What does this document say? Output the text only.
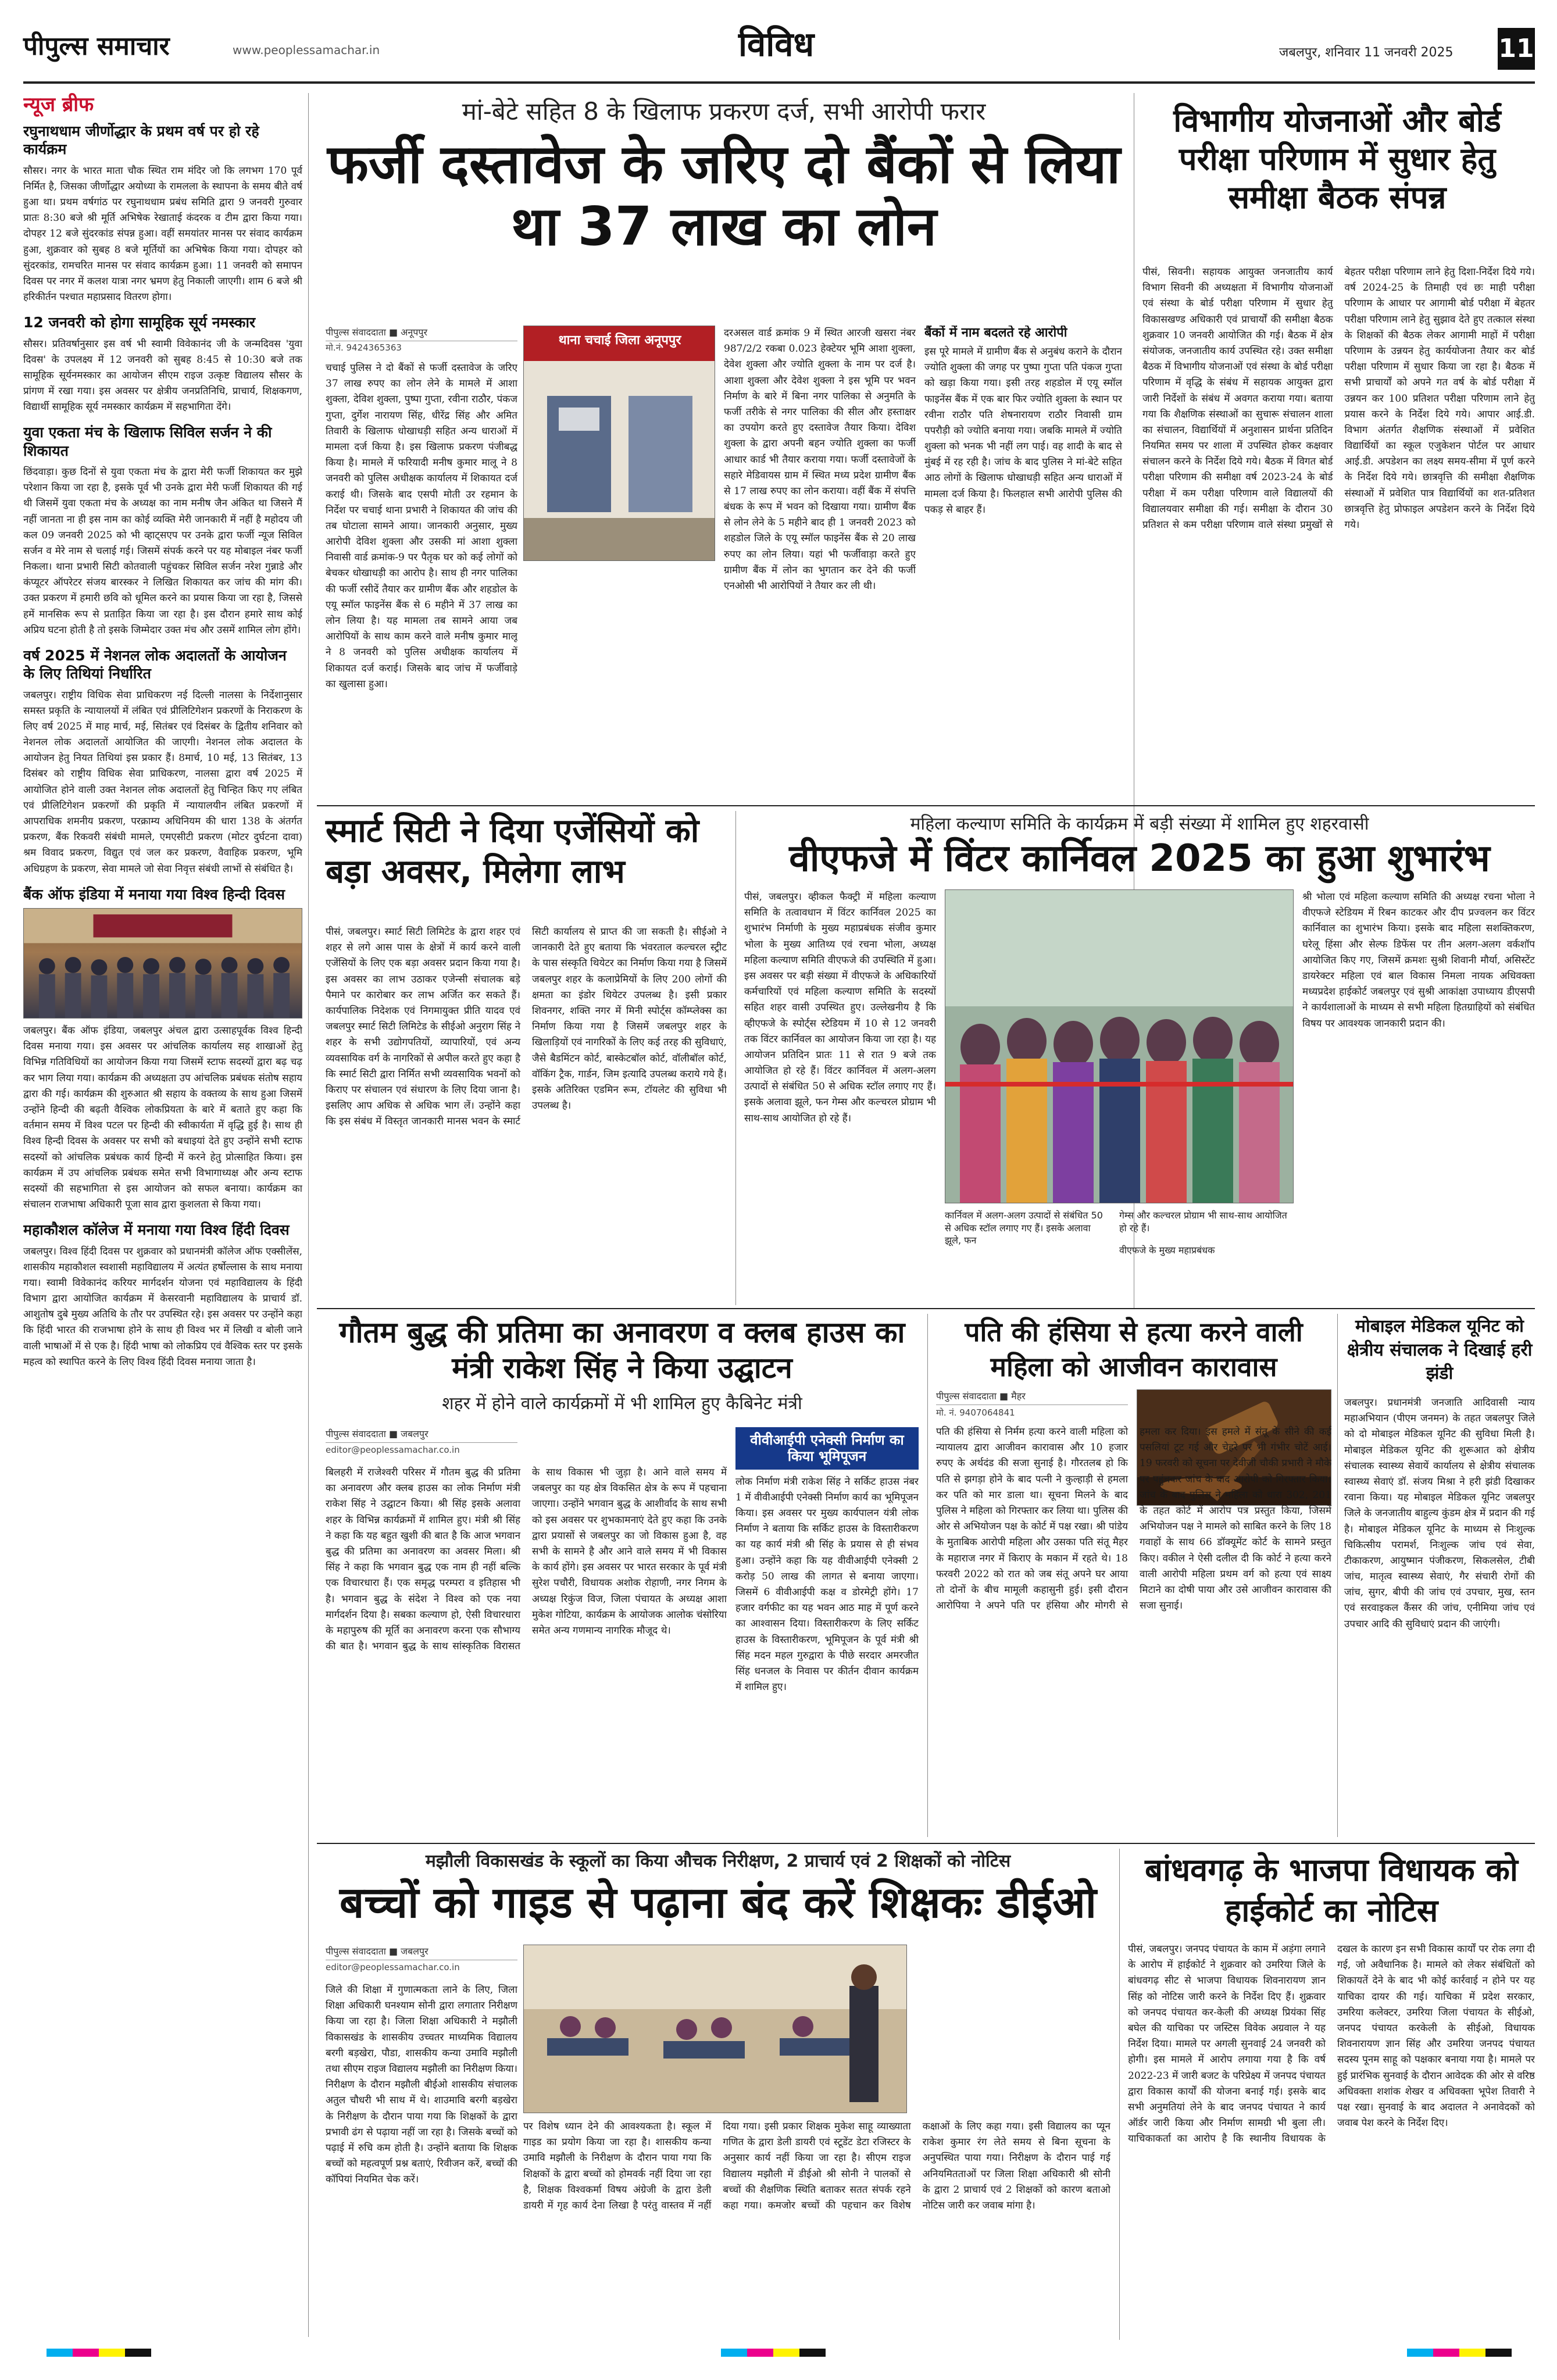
पीपुल्स समाचार	www.peoplessamachar.in	विविध	जबलपुर, शनिवार 11 जनवरी 2025 11
न्यूज ब्रीफ
रघुनाथधाम जीर्णोद्धार के प्रथम वर्ष पर हो रहे कार्यक्रम
सौसर। नगर के भारत माता चौक स्थित राम मंदिर जो कि लगभग 170 पूर्व निर्मित है, जिसका जीर्णोद्धार अयोध्या के रामलला के स्थापना के समय बीते वर्ष हुआ था। प्रथम वर्षगांठ पर रघुनाथधाम प्रबंध समिति द्वारा 9 जनवरी गुरुवार प्रातः 8:30 बजे श्री मूर्ति अभिषेक रेखाताई कंदरक व टीम द्वारा किया गया। दोपहर 12 बजे सुंदरकांड संपन्न हुआ। वहीं समयांतर मानस पर संवाद कार्यक्रम हुआ, शुक्रवार को सुबह 8 बजे मूर्तियों का अभिषेक किया गया। दोपहर को सुंदरकांड, रामचरित मानस पर संवाद कार्यक्रम हुआ। 11 जनवरी को समापन दिवस पर नगर में कलश यात्रा नगर भ्रमण हेतु निकाली जाएगी। शाम 6 बजे श्री हरिकीर्तन पश्चात महाप्रसाद वितरण होगा।
12 जनवरी को होगा सामूहिक सूर्य नमस्कार
सौसर। प्रतिवर्षानुसार इस वर्ष भी स्वामी विवेकानंद जी के जन्मदिवस 'युवा दिवस' के उपलक्ष्य में 12 जनवरी को सुबह 8:45 से 10:30 बजे तक सामूहिक सूर्यनमस्कार का आयोजन सीएम राइज उत्कृष्ट विद्यालय सौसर के प्रांगण में रखा गया। इस अवसर पर क्षेत्रीय जनप्रतिनिधि, प्राचार्य, शिक्षकगण, विद्यार्थी सामूहिक सूर्य नमस्कार कार्यक्रम में सहभागिता देंगे।
युवा एकता मंच के खिलाफ सिविल सर्जन ने की शिकायत
छिंदवाड़ा। कुछ दिनों से युवा एकता मंच के द्वारा मेरी फर्जी शिकायत कर मुझे परेशान किया जा रहा है, इसके पूर्व भी उनके द्वारा मेरी फर्जी शिकायत की गई थी जिसमें युवा एकता मंच के अध्यक्ष का नाम मनीष जैन अंकित था जिसने मैं नहीं जानता ना ही इस नाम का कोई व्यक्ति मेरी जानकारी में नहीं है महोदय जी कल 09 जनवरी 2025 को भी व्हाट्सएप पर उनके द्वारा फर्जी न्यूज सिविल सर्जन व मेरे नाम से चलाई गई। जिसमें संपर्क करने पर यह मोबाइल नंबर फर्जी निकला। थाना प्रभारी सिटी कोतवाली पहुंचकर सिविल सर्जन नरेश गुन्नाडे और कंप्यूटर ऑपरेटर संजय बारस्कर ने लिखित शिकायत कर जांच की मांग की। उक्त प्रकरण में हमारी छवि को धूमिल करने का प्रयास किया जा रहा है, जिससे हमें मानसिक रूप से प्रताड़ित किया जा रहा है। इस दौरान हमारे साथ कोई अप्रिय घटना होती है तो इसके जिम्मेदार उक्त मंच और उसमें शामिल लोग होंगे।
वर्ष 2025 में नेशनल लोक अदालतों के आयोजन के लिए तिथियां निर्धारित
जबलपुर। राष्ट्रीय विधिक सेवा प्राधिकरण नई दिल्ली नालसा के निर्देशानुसार समस्त प्रकृति के न्यायालयों में लंबित एवं प्रीलिटिगेशन प्रकरणों के निराकरण के लिए वर्ष 2025 में माह मार्च, मई, सितंबर एवं दिसंबर के द्वितीय शनिवार को नेशनल लोक अदालतों आयोजित की जाएगी। नेशनल लोक अदालत के आयोजन हेतु नियत तिथियां इस प्रकार हैं। 8मार्च, 10 मई, 13 सितंबर, 13 दिसंबर को राष्ट्रीय विधिक सेवा प्राधिकरण, नालसा द्वारा वर्ष 2025 में आयोजित होने वाली उक्त नेशनल लोक अदालतों हेतु चिन्हित किए गए लंबित एवं प्रीलिटिगेशन प्रकरणों की प्रकृति में न्यायालयीन लंबित प्रकरणों में आपराधिक शमनीय प्रकरण, परक्राम्य अधिनियम की धारा 138 के अंतर्गत प्रकरण, बैंक रिकवरी संबंधी मामले, एमएसीटी प्रकरण (मोटर दुर्घटना दावा) श्रम विवाद प्रकरण, विद्युत एवं जल कर प्रकरण, वैवाहिक प्रकरण, भूमि अधिग्रहण के प्रकरण, सेवा मामले जो सेवा निवृत्त संबंधी लाभों से संबंधित है।
बैंक ऑफ इंडिया में मनाया गया विश्व हिन्दी दिवस
जबलपुर। बैंक ऑफ इंडिया, जबलपुर अंचल द्वारा उत्साहपूर्वक विश्व हिन्दी दिवस मनाया गया। इस अवसर पर आंचलिक कार्यालय सह शाखाओं हेतु विभिन्न गतिविधियों का आयोजन किया गया जिसमें स्टाफ सदस्यों द्वारा बढ़ चढ़ कर भाग लिया गया। कार्यक्रम की अध्यक्षता उप आंचलिक प्रबंधक संतोष सहाय द्वारा की गई। कार्यक्रम की शुरुआत श्री सहाय के वक्तव्य के साथ हुआ जिसमें उन्होंने हिन्दी की बढ़ती वैश्विक लोकप्रियता के बारे में बताते हुए कहा कि वर्तमान समय में विश्व पटल पर हिन्दी की स्वीकार्यता में वृद्धि हुई है। साथ ही विश्व हिन्दी दिवस के अवसर पर सभी को बधाइयां देते हुए उन्होंने सभी स्टाफ सदस्यों को आंचलिक प्रबंधक कार्य हिन्दी में करने हेतु प्रोत्साहित किया। इस कार्यक्रम में उप आंचलिक प्रबंधक समेत सभी विभागाध्यक्ष और अन्य स्टाफ सदस्यों की सहभागिता से इस आयोजन को सफल बनाया। कार्यक्रम का संचालन राजभाषा अधिकारी पूजा साव द्वारा कुशलता से किया गया।
महाकौशल कॉलेज में मनाया गया विश्व हिंदी दिवस
जबलपुर। विश्व हिंदी दिवस पर शुक्रवार को प्रधानमंत्री कॉलेज ऑफ एक्सीलेंस, शासकीय महाकौशल स्वशासी महाविद्यालय में अत्यंत हर्षोल्लास के साथ मनाया गया। स्वामी विवेकानंद करियर मार्गदर्शन योजना एवं महाविद्यालय के हिंदी विभाग द्वारा आयोजित कार्यक्रम में केसरवानी महाविद्यालय के प्राचार्य डॉ. आशुतोष दुबे मुख्य अतिथि के तौर पर उपस्थित रहे। इस अवसर पर उन्होंने कहा कि हिंदी भारत की राजभाषा होने के साथ ही विश्व भर में लिखी व बोली जाने वाली भाषाओं में से एक है। हिंदी भाषा को लोकप्रिय एवं वैश्विक स्तर पर इसके महत्व को स्थापित करने के लिए विश्व हिंदी दिवस मनाया जाता है।
मां-बेटे सहित 8 के खिलाफ प्रकरण दर्ज, सभी आरोपी फरार
फर्जी दस्तावेज के जरिए दो बैंकों से लिया था 37 लाख का लोन
पीपुल्स संवाददाता ■ अनूपपुर
मो.नं. 9424365363	थाना चचाई जिला अनूपपुर
चचाई पुलिस ने दो बैंकों से फर्जी दस्तावेज के जरिए 37 लाख रुपए का लोन लेने के मामले में आशा शुक्ला, देविश शुक्ला, पुष्पा गुप्ता, रवीना राठौर, पंकज गुप्ता, दुर्गेश नारायण सिंह, धीरेंद्र सिंह और अमित तिवारी के खिलाफ धोखाधड़ी सहित अन्य धाराओं में मामला दर्ज किया है। इस खिलाफ प्रकरण पंजीबद्ध किया है। मामले में फरियादी मनीष कुमार मालू ने 8 जनवरी को पुलिस अधीक्षक कार्यालय में शिकायत दर्ज कराई थी। जिसके बाद एसपी मोती उर रहमान के निर्देश पर चचाई थाना प्रभारी ने शिकायत की जांच की तब घोटाला सामने आया। जानकारी अनुसार, मुख्य आरोपी देविश शुक्ला और उसकी मां आशा शुक्ला निवासी वार्ड क्रमांक-9 पर पैतृक घर को कई लोगों को बेचकर धोखाधड़ी का आरोप है। साथ ही नगर पालिका की फर्जी रसीदें तैयार कर ग्रामीण बैंक और शहडोल के एयू स्मॉल फाइनेंस बैंक से 6 महीने में 37 लाख का लोन लिया है। यह मामला तब सामने आया जब आरोपियों के साथ काम करने वाले मनीष कुमार मालू ने 8 जनवरी को पुलिस अधीक्षक कार्यालय में शिकायत दर्ज कराई। जिसके बाद जांच में फर्जीवाड़े का खुलासा हुआ।
दरअसल वार्ड क्रमांक 9 में स्थित आरजी खसरा नंबर 987/2/2 रकबा 0.023 हेक्टेयर भूमि आशा शुक्ला, देवेश शुक्ला और ज्योति शुक्ला के नाम पर दर्ज है। आशा शुक्ला और देवेश शुक्ला ने इस भूमि पर भवन निर्माण के बारे में बिना नगर पालिका से अनुमति के फर्जी तरीके से नगर पालिका की सील और हस्ताक्षर का उपयोग करते हुए दस्तावेज तैयार किया। देविश शुक्ला के द्वारा अपनी बहन ज्योति शुक्ला का फर्जी आधार कार्ड भी तैयार कराया गया। फर्जी दस्तावेजों के सहारे मेडिवायस ग्राम में स्थित मध्य प्रदेश ग्रामीण बैंक से 17 लाख रुपए का लोन कराया। वहीं बैंक में संपत्ति बंधक के रूप में भवन को दिखाया गया। ग्रामीण बैंक से लोन लेने के 5 महीने बाद ही 1 जनवरी 2023 को शहडोल जिले के एयू स्मॉल फाइनेंस बैंक से 20 लाख रुपए का लोन लिया। यहां भी फर्जीवाड़ा करते हुए ग्रामीण बैंक में लोन का भुगतान कर देने की फर्जी एनओसी भी आरोपियों ने तैयार कर ली थी।
बैंकों में नाम बदलते रहे आरोपी
इस पूरे मामले में ग्रामीण बैंक से अनुबंध कराने के दौरान ज्योति शुक्ला की जगह पर पुष्पा गुप्ता पति पंकज गुप्ता को खड़ा किया गया। इसी तरह शहडोल में एयू स्मॉल फाइनेंस बैंक में एक बार फिर ज्योति शुक्ला के स्थान पर रवीना राठौर पति शेषनारायण राठौर निवासी ग्राम पपरौड़ी को ज्योति बनाया गया। जबकि मामले में ज्योति शुक्ला को भनक भी नहीं लग पाई। वह शादी के बाद से मुंबई में रह रही है। जांच के बाद पुलिस ने मां-बेटे सहित आठ लोगों के खिलाफ धोखाधड़ी सहित अन्य धाराओं में मामला दर्ज किया है। फिलहाल सभी आरोपी पुलिस की पकड़ से बाहर हैं।
विभागीय योजनाओं और बोर्ड परीक्षा परिणाम में सुधार हेतु समीक्षा बैठक संपन्न
पीसं, सिवनी। सहायक आयुक्त जनजातीय कार्य विभाग सिवनी की अध्यक्षता में विभागीय योजनाओं एवं संस्था के बोर्ड परीक्षा परिणाम में सुधार हेतु विकासखण्ड अधिकारी एवं प्राचार्यों की समीक्षा बैठक शुक्रवार 10 जनवरी आयोजित की गई। बैठक में क्षेत्र संयोजक, जनजातीय कार्य उपस्थित रहे। उक्त समीक्षा बैठक में विभागीय योजनाओं एवं संस्था के बोर्ड परीक्षा परिणाम में वृद्धि के संबंध में सहायक आयुक्त द्वारा जारी निर्देशों के संबंध में अवगत कराया गया। बताया गया कि शैक्षणिक संस्थाओं का सुचारू संचालन शाला का संचालन, विद्यार्थियों में अनुशासन प्रार्थना प्रतिदिन नियमित समय पर शाला में उपस्थित होकर कक्षवार संचालन करने के निर्देश दिये गये। बैठक में विगत बोर्ड परीक्षा परिणाम की समीक्षा वर्ष 2023-24 के बोर्ड परीक्षा में कम परीक्षा परिणाम वाले विद्यालयों की विद्यालयवार समीक्षा की गई। समीक्षा के दौरान 30 प्रतिशत से कम परीक्षा परिणाम वाले संस्था प्रमुखों से बेहतर परीक्षा परिणाम लाने हेतु दिशा-निर्देश दिये गये। वर्ष 2024-25 के तिमाही एवं छः माही परीक्षा परिणाम के आधार पर आगामी बोर्ड परीक्षा में बेहतर परीक्षा परिणाम लाने हेतु सुझाव देते हुए तत्काल संस्था के शिक्षकों की बैठक लेकर आगामी माहों में परीक्षा परिणाम के उन्नयन हेतु कार्ययोजना तैयार कर बोर्ड परीक्षा परिणाम में सुधार किया जा रहा है। बैठक में सभी प्राचार्यों को अपने गत वर्ष के बोर्ड परीक्षा में उन्नयन कर 100 प्रतिशत परीक्षा परिणाम लाने हेतु प्रयास करने के निर्देश दिये गये। आपार आई.डी. विभाग अंतर्गत शैक्षणिक संस्थाओं में प्रवेशित विद्यार्थियों का स्कूल एजुकेशन पोर्टल पर आधार आई.डी. अपडेशन का लक्ष्य समय-सीमा में पूर्ण करने के निर्देश दिये गये। छात्रवृत्ति की समीक्षा शैक्षणिक संस्थाओं में प्रवेशित पात्र विद्यार्थियों का शत-प्रतिशत छात्रवृत्ति हेतु प्रोफाइल अपडेशन करने के निर्देश दिये गये।
स्मार्ट सिटी ने दिया एजेंसियों को बड़ा अवसर, मिलेगा लाभ
पीसं, जबलपुर। स्मार्ट सिटी लिमिटेड के द्वारा शहर एवं शहर से लगे आस पास के क्षेत्रों में कार्य करने वाली एजेंसियों के लिए एक बड़ा अवसर प्रदान किया गया है। इस अवसर का लाभ उठाकर एजेन्सी संचालक बड़े पैमाने पर कारोबार कर लाभ अर्जित कर सकते हैं। कार्यपालिक निदेशक एवं निगमायुक्त प्रीति यादव एवं जबलपुर स्मार्ट सिटी लिमिटेड के सीईओ अनुराग सिंह ने शहर के सभी उद्योगपतियों, व्यापारियों, एवं अन्य व्यवसायिक वर्ग के नागरिकों से अपील करते हुए कहा है कि स्मार्ट सिटी द्वारा निर्मित सभी व्यवसायिक भवनों को किराए पर संचालन एवं संधारण के लिए दिया जाना है। इसलिए आप अधिक से अधिक भाग लें। उन्होंने कहा कि इस संबंध में विस्तृत जानकारी मानस भवन के स्मार्ट सिटी कार्यालय से प्राप्त की जा सकती है। सीईओ ने जानकारी देते हुए बताया कि भंवरताल कल्चरल स्ट्रीट के पास संस्कृति थियेटर का निर्माण किया गया है जिसमें जबलपुर शहर के कलाप्रेमियों के लिए 200 लोगों की क्षमता का इंडोर थियेटर उपलब्ध है। इसी प्रकार शिवनगर, शक्ति नगर में मिनी स्पोर्ट्स कॉम्प्लेक्स का निर्माण किया गया है जिसमें जबलपुर शहर के खिलाड़ियों एवं नागरिकों के लिए कई तरह की सुविधाएं, जैसे बैडमिंटन कोर्ट, बास्केटबॉल कोर्ट, वॉलीबॉल कोर्ट, वॉकिंग ट्रैक, गार्डन, जिम इत्यादि उपलब्ध कराये गये हैं। इसके अतिरिक्त एडमिन रूम, टॉयलेट की सुविधा भी उपलब्ध है।
महिला कल्याण समिति के कार्यक्रम में बड़ी संख्या में शामिल हुए शहरवासी
वीएफजे में विंटर कार्निवल 2025 का हुआ शुभारंभ
पीसं, जबलपुर। व्हीकल फैक्ट्री में महिला कल्याण समिति के तत्वावधान में विंटर कार्निवल 2025 का शुभारंभ निर्माणी के मुख्य महाप्रबंधक संजीव कुमार भोला के मुख्य आतिथ्य एवं रचना भोला, अध्यक्ष महिला कल्याण समिति वीएफजे की उपस्थिति में हुआ। इस अवसर पर बड़ी संख्या में वीएफजे के अधिकारियों कर्मचारियों एवं महिला कल्याण समिति के सदस्यों सहित शहर वासी उपस्थित हुए। उल्लेखनीय है कि व्हीएफजे के स्पोर्ट्स स्टेडियम में 10 से 12 जनवरी तक विंटर कार्निवल का आयोजन किया जा रहा है। यह आयोजन प्रतिदिन प्रातः 11 से रात 9 बजे तक आयोजित हो रहे हैं। विंटर कार्निवल में अलग-अलग उत्पादों से संबंधित 50 से अधिक स्टॉल लगाए गए हैं। इसके अलावा झूले, फन गेम्स और कल्चरल प्रोग्राम भी साथ-साथ आयोजित हो रहे हैं।
श्री भोला एवं महिला कल्याण समिति की अध्यक्ष रचना भोला ने वीएफजे स्टेडियम में रिबन काटकर और दीप प्रज्वलन कर विंटर कार्निवाल का शुभारंभ किया। इसके बाद महिला सशक्तिकरण, घरेलू हिंसा और सेल्फ डिफेंस पर तीन अलग-अलग वर्कशॉप आयोजित किए गए, जिसमें क्रमशः सुश्री शिवानी मौर्या, असिस्टेंट डायरेक्टर महिला एवं बाल विकास निमला नायक अधिवक्ता मध्यप्रदेश हाईकोर्ट जबलपुर एवं सुश्री आकांक्षा उपाध्याय डीएसपी ने कार्यशालाओं के माध्यम से सभी महिला हितग्राहियों को संबंधित विषय पर आवश्यक जानकारी प्रदान की।
कार्निवल में अलग-अलग उत्पादों से संबंधित 50 से अधिक स्टॉल लगाए गए हैं। इसके अलावा झूले, फन
गेम्स और कल्चरल प्रोग्राम भी साथ-साथ आयोजित हो रहे हैं।
वीएफजे के मुख्य महाप्रबंधक
गौतम बुद्ध की प्रतिमा का अनावरण व क्लब हाउस का मंत्री राकेश सिंह ने किया उद्घाटन
शहर में होने वाले कार्यक्रमों में भी शामिल हुए कैबिनेट मंत्री
पीपुल्स संवाददाता ■ जबलपुर
editor@peoplessamachar.co.in
बिलहरी में राजेश्वरी परिसर में गौतम बुद्ध की प्रतिमा का अनावरण और क्लब हाउस का लोक निर्माण मंत्री राकेश सिंह ने उद्घाटन किया। श्री सिंह इसके अलावा शहर के विभिन्न कार्यक्रमों में शामिल हुए। मंत्री श्री सिंह ने कहा कि यह बहुत खुशी की बात है कि आज भगवान बुद्ध की प्रतिमा का अनावरण का अवसर मिला। श्री सिंह ने कहा कि भगवान बुद्ध एक नाम ही नहीं बल्कि एक विचारधारा हैं। एक समृद्ध परम्परा व इतिहास भी है। भगवान बुद्ध के संदेश ने विश्व को एक नया मार्गदर्शन दिया है। सबका कल्याण हो, ऐसी विचारधारा के महापुरुष की मूर्ति का अनावरण करना एक सौभाग्य की बात है। भगवान बुद्ध के साथ सांस्कृतिक विरासत के साथ विकास भी जुड़ा है। आने वाले समय में जबलपुर का यह क्षेत्र विकसित क्षेत्र के रूप में पहचाना जाएगा। उन्होंने भगवान बुद्ध के आशीर्वाद के साथ सभी को इस अवसर पर शुभकामनाएं देते हुए कहा कि उनके द्वारा प्रयासों से जबलपुर का जो विकास हुआ है, वह सभी के सामने है और आने वाले समय में भी विकास के कार्य होंगे। इस अवसर पर भारत सरकार के पूर्व मंत्री सुरेश पचौरी, विधायक अशोक रोहाणी, नगर निगम के अध्यक्ष रिकुंज विज, जिला पंचायत के अध्यक्ष आशा मुकेश गोटिया, कार्यक्रम के आयोजक आलोक चंसोरिया समेत अन्य गणमान्य नागरिक मौजूद थे।
वीवीआईपी एनेक्सी निर्माण का किया भूमिपूजन
लोक निर्माण मंत्री राकेश सिंह ने सर्किट हाउस नंबर 1 में वीवीआईपी एनेक्सी निर्माण कार्य का भूमिपूजन किया। इस अवसर पर मुख्य कार्यपालन यंत्री लोक निर्माण ने बताया कि सर्किट हाउस के विस्तारीकरण का यह कार्य मंत्री श्री सिंह के प्रयास से ही संभव हुआ। उन्होंने कहा कि यह वीवीआईपी एनेक्सी 2 करोड़ 50 लाख की लागत से बनाया जाएगा। जिसमें 6 वीवीआईपी कक्ष व डोरमेट्री होंगे। 17 हजार वर्गफीट का यह भवन आठ माह में पूर्ण करने का आश्वासन दिया। विस्तारीकरण के लिए सर्किट हाउस के विस्तारीकरण, भूमिपूजन के पूर्व मंत्री श्री सिंह मदन महल गुरुद्वारा के पीछे सरदार अमरजीत सिंह धनजल के निवास पर कीर्तन दीवान कार्यक्रम में शामिल हुए।
पति की हंसिया से हत्या करने वाली महिला को आजीवन कारावास
पीपुल्स संवाददाता ■ मैहर
मो. नं. 9407064841
पति की हंसिया से निर्मम हत्या करने वाली महिला को न्यायालय द्वारा आजीवन कारावास और 10 हजार रुपए के अर्थदंड की सजा सुनाई है। गौरतलब हो कि पति से झगड़ा होने के बाद पत्नी ने कुल्हाड़ी से हमला कर पति को मार डाला था। सूचना मिलने के बाद पुलिस ने महिला को गिरफ्तार कर लिया था। पुलिस की ओर से अभियोजन पक्ष के कोर्ट में पक्ष रखा। श्री पांडेय के मुताबिक आरोपी महिला और उसका पति संतू मैहर के महाराज नगर में किराए के मकान में रहते थे। 18 फरवरी 2022 को रात को जब संतू अपने घर आया तो दोनों के बीच मामूली कहासुनी हुई। इसी दौरान आरोपिया ने अपने पति पर हंसिया और मोगरी से हमला कर दिया। इस हमले में संतू के सीने की कई पसलियां टूट गई और चेहरे पर भी गंभीर चोटें आई। 19 फरवरी को सूचना पर देवीजी चौकी प्रभारी ने मौके पर पहुंचकर जांच के बाद आरोपी को गिरफ्तार किया। जांच के बाद पुलिस ने महिला को धारा 302, 201 के तहत कोर्ट में आरोप पत्र प्रस्तुत किया, जिसमें अभियोजन पक्ष ने मामले को साबित करने के लिए 18 गवाहों के साथ 66 डॉक्यूमेंट कोर्ट के सामने प्रस्तुत किए। वकील ने ऐसी दलील दी कि कोर्ट ने हत्या करने वाली आरोपी महिला प्रथम वर्ग को हत्या एवं साक्ष्य मिटाने का दोषी पाया और उसे आजीवन कारावास की सजा सुनाई।
मोबाइल मेडिकल यूनिट को क्षेत्रीय संचालक ने दिखाई हरी झंडी
जबलपुर। प्रधानमंत्री जनजाति आदिवासी न्याय महाअभियान (पीएम जनमन) के तहत जबलपुर जिले को दो मोबाइल मेडिकल यूनिट की सुविधा मिली है। मोबाइल मेडिकल यूनिट की शुरूआत को क्षेत्रीय संचालक स्वास्थ्य सेवायें कार्यालय से क्षेत्रीय संचालक स्वास्थ्य सेवाएं डॉ. संजय मिश्रा ने हरी झंडी दिखाकर रवाना किया। यह मोबाइल मेडिकल यूनिट जबलपुर जिले के जनजातीय बाहुल्य कुंडम क्षेत्र में प्रदान की गई है। मोबाइल मेडिकल यूनिट के माध्यम से निःशुल्क चिकित्सीय परामर्श, निःशुल्क जांच एवं सेवा, टीकाकरण, आयुष्मान पंजीकरण, सिकलसेल, टीबी जांच, मातृत्व स्वास्थ्य सेवाएं, गैर संचारी रोगों की जांच, सुगर, बीपी की जांच एवं उपचार, मुख, स्तन एवं सरवाइकल कैंसर की जांच, एनीमिया जांच एवं उपचार आदि की सुविधाएं प्रदान की जाएंगी।
मझौली विकासखंड के स्कूलों का किया औचक निरीक्षण, 2 प्राचार्य एवं 2 शिक्षकों को नोटिस
बच्चों को गाइड से पढ़ाना बंद करें शिक्षकः डीईओ
पीपुल्स संवाददाता ■ जबलपुर
editor@peoplessamachar.co.in
जिले की शिक्षा में गुणात्मकता लाने के लिए, जिला शिक्षा अधिकारी घनश्याम सोनी द्वारा लगातार निरीक्षण किया जा रहा है। जिला शिक्षा अधिकारी ने मझौली विकासखंड के शासकीय उच्चतर माध्यमिक विद्यालय बरगी बड़खेरा, पौडा, शासकीय कन्या उमावि मझौली तथा सीएम राइज विद्यालय मझौली का निरीक्षण किया। निरीक्षण के दौरान मझौली बीईओ शासकीय संचालक अतुल चौधरी भी साथ में थे। शाउमावि बरगी बड़खेरा के निरीक्षण के दौरान पाया गया कि शिक्षकों के द्वारा प्रभावी ढंग से पढ़ाया नहीं जा रहा है। जिसके बच्चों को पढ़ाई में रुचि कम होती है। उन्होंने बताया कि शिक्षक बच्चों को महत्वपूर्ण प्रश्न बताएं, रिवीजन करें, बच्चों की कॉपियां नियमित चेक करें।
पर विशेष ध्यान देने की आवश्यकता है। स्कूल में गाइड का प्रयोग किया जा रहा है। शासकीय कन्या उमावि मझौली के निरीक्षण के दौरान पाया गया कि शिक्षकों के द्वारा बच्चों को होमवर्क नहीं दिया जा रहा है, शिक्षक विश्वकर्मा विषय अंग्रेजी के द्वारा डेली डायरी में गृह कार्य देना लिखा है परंतु वास्तव में नहीं दिया गया। इसी प्रकार शिक्षक मुकेश साहू व्याख्याता गणित के द्वारा डेली डायरी एवं स्टूडेंट डेटा रजिस्टर के अनुसार कार्य नहीं किया जा रहा है। सीएम राइज विद्यालय मझौली में डीईओ श्री सोनी ने पालकों से बच्चों की शैक्षणिक स्थिति बताकर सतत संपर्क रहने कहा गया। कमजोर बच्चों की पहचान कर विशेष कक्षाओं के लिए कहा गया। इसी विद्यालय का प्यून राकेश कुमार रंग लेते समय से बिना सूचना के अनुपस्थित पाया गया। निरीक्षण के दौरान पाई गई अनियमितताओं पर जिला शिक्षा अधिकारी श्री सोनी के द्वारा 2 प्राचार्य एवं 2 शिक्षकों को कारण बताओ नोटिस जारी कर जवाब मांगा है।
बांधवगढ़ के भाजपा विधायक को हाईकोर्ट का नोटिस
पीसं, जबलपुर। जनपद पंचायत के काम में अड़ंगा लगाने के आरोप में हाईकोर्ट ने शुक्रवार को उमरिया जिले के बांधवगढ़ सीट से भाजपा विधायक शिवनारायण ज्ञान सिंह को नोटिस जारी करने के निर्देश दिए हैं। शुक्रवार को जनपद पंचायत कर-केली की अध्यक्ष प्रियंका सिंह बघेल की याचिका पर जस्टिस विवेक अग्रवाल ने यह निर्देश दिया। मामले पर अगली सुनवाई 24 जनवरी को होगी। इस मामले में आरोप लगाया गया है कि वर्ष 2022-23 में जारी बजट के परिप्रेक्ष्य में जनपद पंचायत द्वारा विकास कार्यों की योजना बनाई गई। इसके बाद सभी अनुमतियां लेने के बाद जनपद पंचायत ने कार्य ऑर्डर जारी किया और निर्माण सामग्री भी बुला ली। याचिकाकर्ता का आरोप है कि स्थानीय विधायक के दखल के कारण इन सभी विकास कार्यों पर रोक लगा दी गई, जो अवैधानिक है। मामले को लेकर संबंधितों को शिकायतें देने के बाद भी कोई कार्रवाई न होने पर यह याचिका दायर की गई। याचिका में प्रदेश सरकार, उमरिया कलेक्टर, उमरिया जिला पंचायत के सीईओ, जनपद पंचायत करकेली के सीईओ, विधायक शिवनारायण ज्ञान सिंह और उमरिया जनपद पंचायत सदस्य पूनम साहू को पक्षकार बनाया गया है। मामले पर हुई प्रारंभिक सुनवाई के दौरान आवेदक की ओर से वरिष्ठ अधिवक्ता शशांक शेखर व अधिवक्ता भूपेश तिवारी ने पक्ष रखा। सुनवाई के बाद अदालत ने अनावेदकों को जवाब पेश करने के निर्देश दिए।
